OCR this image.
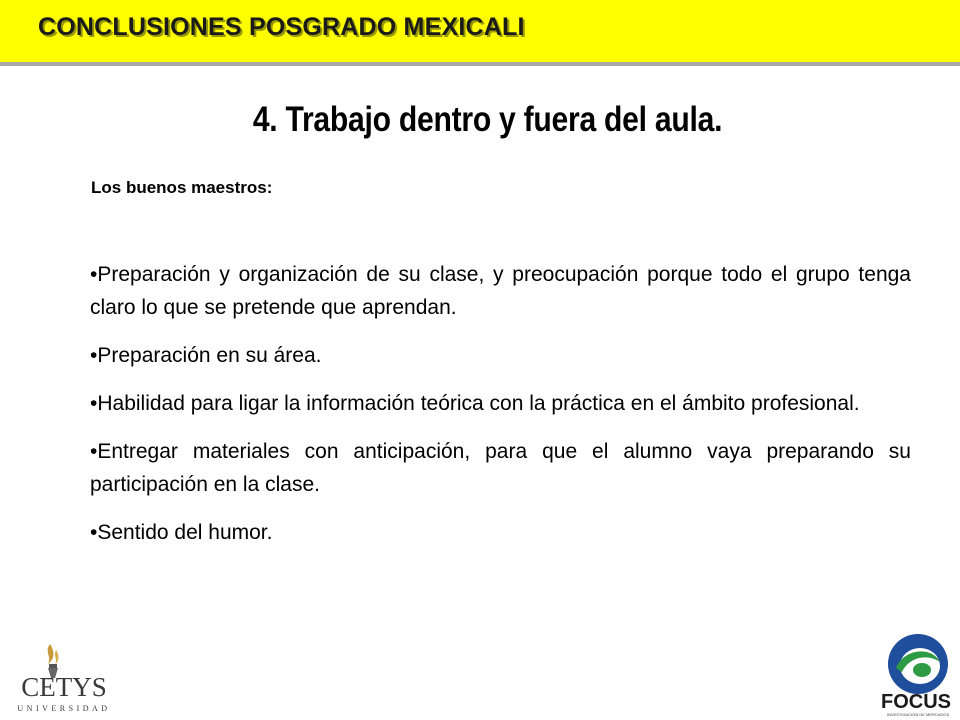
CONCLUSIONES POSGRADO MEXICALI
4. Trabajo dentro y fuera del aula.
Los buenos maestros:
•Preparación y organización de su clase, y preocupación porque todo el grupo tenga claro lo que se pretende que aprendan.
•Preparación en su área.
•Habilidad para ligar la información teórica con la práctica en el ámbito profesional.
•Entregar materiales con anticipación, para que el alumno vaya preparando su participación en la clase.
•Sentido del humor.
CETYS
UNIVERSIDAD	FOCUS
INVESTIGACIÓN DE MERCADOS
